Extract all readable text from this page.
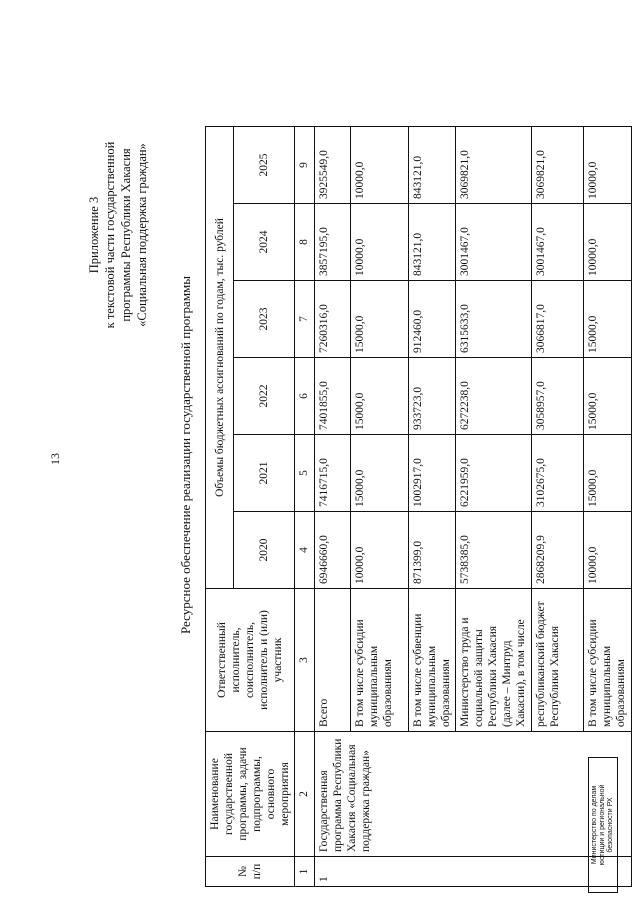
13
Приложение 3 к текстовой части государственной программы Республики Хакасия «Социальная поддержка граждан»
Ресурсное обеспечение реализации государственной программы
№ п/п	Наименование государственной программы, задачи подпрограммы, основного мероприятия	Ответственный исполнитель, соисполнитель, исполнитель и (или) участник	Объемы бюджетных ассигнований по годам, тыс. рублей					
			2020	2021	2022	2023	2024	2025
1	2	3	4	5	6	7	8	9
1	Государственная программа Республики Хакасия «Социальная поддержка граждан»	Всего	6946660,0	7416715,0	7401855,0	7260316,0	3857195,0	3925549,0
		В том числе субсидии муниципальным образованиям	10000,0	15000,0	15000,0	15000,0	10000,0	10000,0
		В том числе субвенции муниципальным образованиям	871399,0	1002917,0	933723,0	912460,0	843121,0	843121,0
		Министерство труда и социальной защиты Республики Хакасия (далее – Минтруд Хакасии), в том числе	5738385,0	6221959,0	6272238,0	6315633,0	3001467,0	3069821,0
		республиканский бюджет Республики Хакасия	2868209,9	3102675,0	3058957,0	3066817,0	3001467,0	3069821,0
		В том числе субсидии муниципальным образованиям	10000,0	15000,0	15000,0	15000,0	10000,0	10000,0
Министерство по делам юстиции и региональной безопасности РХ
